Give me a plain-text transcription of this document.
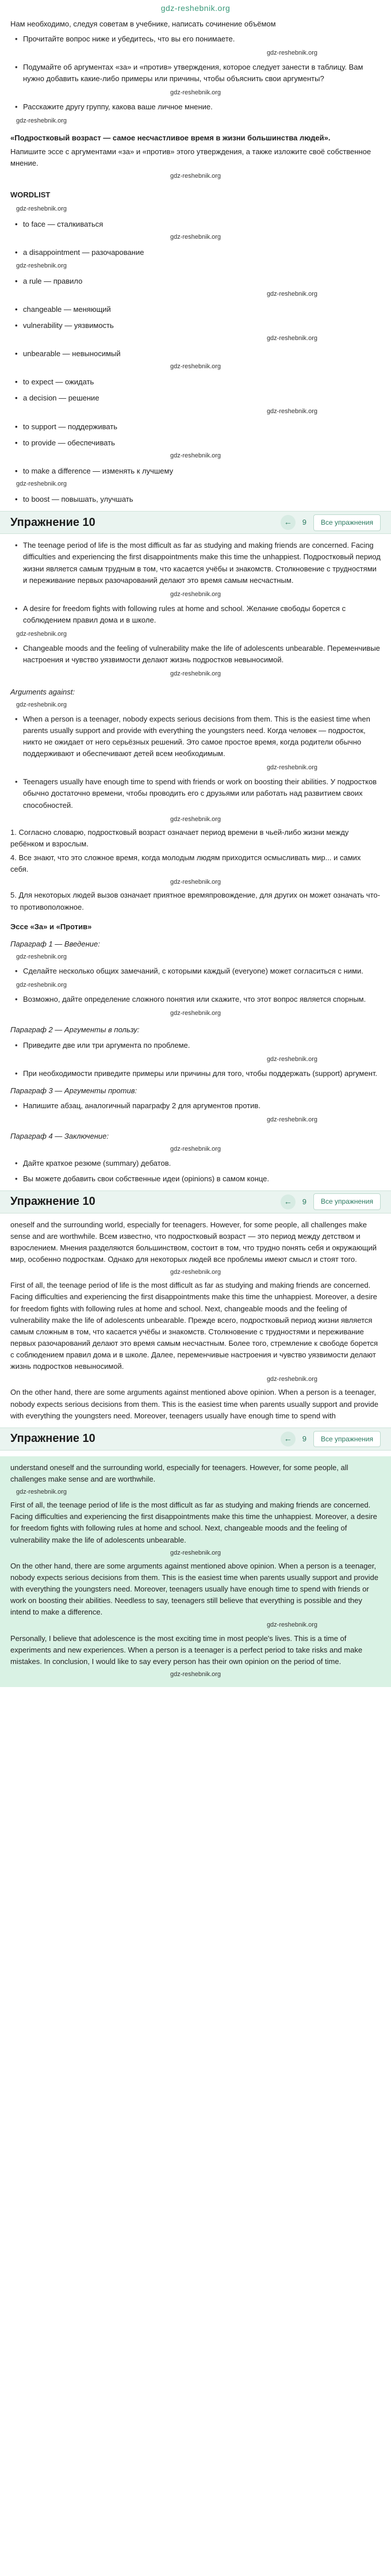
gdz-reshebnik.org

Нам необходимо, следуя советам в учебнике, написать сочинение объёмом

• Прочитайте вопрос ниже и убедитесь, что вы его понимаете.
gdz-reshebnik.org
• Подумайте об аргументах «за» и «против» утверждения, которое следует занести в таблицу. Вам нужно добавить какие-либо примеры или причины, чтобы объяснить свои аргументы?
gdz-reshebnik.org
• Расскажите другу группу, какова ваше личное мнение.
gdz-reshebnik.org

«Подростковый возраст — самое несчастливое время в жизни большинства людей».

Напишите эссе с аргументами «за» и «против» этого утверждения, а также изложите своё собственное мнение.

gdz-reshebnik.org
WORDLIST
gdz-reshebnik.org
• to face — сталкиваться
gdz-reshebnik.org
• a disappointment — разочарование
gdz-reshebnik.org
• a rule — правило
gdz-reshebnik.org
• changeable — меняющий
• vulnerability — уязвимость
gdz-reshebnik.org
• unbearable — невыносимый
gdz-reshebnik.org
• to expect — ожидать
• a decision — решение
gdz-reshebnik.org
• to support — поддерживать
• to provide — обеспечивать
gdz-reshebnik.org
• to make a difference — изменять к лучшему
gdz-reshebnik.org
• to boost — повышать, улучшать
Упражнение 10	←	9	Все упражнения
• The teenage period of life is the most difficult as far as studying and making friends are concerned. Facing difficulties and experiencing the first disappointments make this time the unhappiest. Подростковый период жизни является самым трудным в том, что касается учёбы и знакомств. Столкновение с трудностями и переживание первых разочарований делают это время самым несчастным.
gdz-reshebnik.org
• A desire for freedom fights with following rules at home and school. Желание свободы борется с соблюдением правил дома и в школе.
gdz-reshebnik.org
• Changeable moods and the feeling of vulnerability make the life of adolescents unbearable. Переменчивые настроения и чувство уязвимости делают жизнь подростков невыносимой.
gdz-reshebnik.org
Arguments against:
gdz-reshebnik.org
• When a person is a teenager, nobody expects serious decisions from them. This is the easiest time when parents usually support and provide with everything the youngsters need. Когда человек — подросток, никто не ожидает от него серьёзных решений. Это самое простое время, когда родители обычно поддерживают и обеспечивают детей всем необходимым.
gdz-reshebnik.org
• Teenagers usually have enough time to spend with friends or work on boosting their abilities. У подростков обычно достаточно времени, чтобы проводить его с друзьями или работать над развитием своих способностей.
gdz-reshebnik.org

1. Согласно словарю, подростковый возраст означает период времени в чьей-либо жизни между ребёнком и взрослым.

4. Все знают, что это сложное время, когда молодым людям приходится осмысливать мир... и самих себя.

gdz-reshebnik.org

5. Для некоторых людей вызов означает приятное времяпровождение, для других он может означать что-то противоположное.

Эссе «За» и «Против»
Параграф 1 — Введение:
gdz-reshebnik.org
• Сделайте несколько общих замечаний, с которыми каждый (everyone) может согласиться с ними.
gdz-reshebnik.org
• Возможно, дайте определение сложного понятия или скажите, что этот вопрос является спорным.
gdz-reshebnik.org
Параграф 2 — Аргументы в пользу:
• Приведите две или три аргумента по проблеме.
gdz-reshebnik.org
• При необходимости приведите примеры или причины для того, чтобы поддержать (support) аргумент.
Параграф 3 — Аргументы против:
• Напишите абзац, аналогичный параграфу 2 для аргументов против.
gdz-reshebnik.org
Параграф 4 — Заключение:
gdz-reshebnik.org
• Дайте краткое резюме (summary) дебатов.
• Вы можете добавить свои собственные идеи (opinions) в самом конце.
Упражнение 10	←	9	Все упражнения

oneself and the surrounding world, especially for teenagers. However, for some people, all challenges make sense and are worthwhile. Всем известно, что подростковый возраст — это период между детством и взрослением. Мнения разделяются большинством, состоит в том, что трудно понять себя и окружающий мир, особенно подросткам. Однако для некоторых людей все проблемы имеют смысл и стоят того.

gdz-reshebnik.org

First of all, the teenage period of life is the most difficult as far as studying and making friends are concerned. Facing difficulties and experiencing the first disappointments make this time the unhappiest. Moreover, a desire for freedom fights with following rules at home and school. Next, changeable moods and the feeling of vulnerability make the life of adolescents unbearable. Прежде всего, подростковый период жизни является самым сложным в том, что касается учёбы и знакомств. Столкновение с трудностями и переживание первых разочарований делают это время самым несчастным. Более того, стремление к свободе борется с соблюдением правил дома и в школе. Далее, переменчивые настроения и чувство уязвимости делают жизнь подростков невыносимой.

gdz-reshebnik.org

On the other hand, there are some arguments against mentioned above opinion. When a person is a teenager, nobody expects serious decisions from them. This is the easiest time when parents usually support and provide with everything the youngsters need. Moreover, teenagers usually have enough time to spend with

Упражнение 10	←	9	Все упражнения

understand oneself and the surrounding world, especially for teenagers. However, for some people, all challenges make sense and are worthwhile.

gdz-reshebnik.org

First of all, the teenage period of life is the most difficult as far as studying and making friends are concerned. Facing difficulties and experiencing the first disappointments make this time the unhappiest. Moreover, a desire for freedom fights with following rules at home and school. Next, changeable moods and the feeling of vulnerability make the life of adolescents unbearable.

gdz-reshebnik.org

On the other hand, there are some arguments against mentioned above opinion. When a person is a teenager, nobody expects serious decisions from them. This is the easiest time when parents usually support and provide with everything the youngsters need. Moreover, teenagers usually have enough time to spend with friends or work on boosting their abilities. Needless to say, teenagers still believe that everything is possible and they intend to make a difference.

gdz-reshebnik.org

Personally, I believe that adolescence is the most exciting time in most people's lives. This is a time of experiments and new experiences. When a person is a teenager is a perfect period to take risks and make mistakes. In conclusion, I would like to say every person has their own opinion on the period of time.

gdz-reshebnik.org
